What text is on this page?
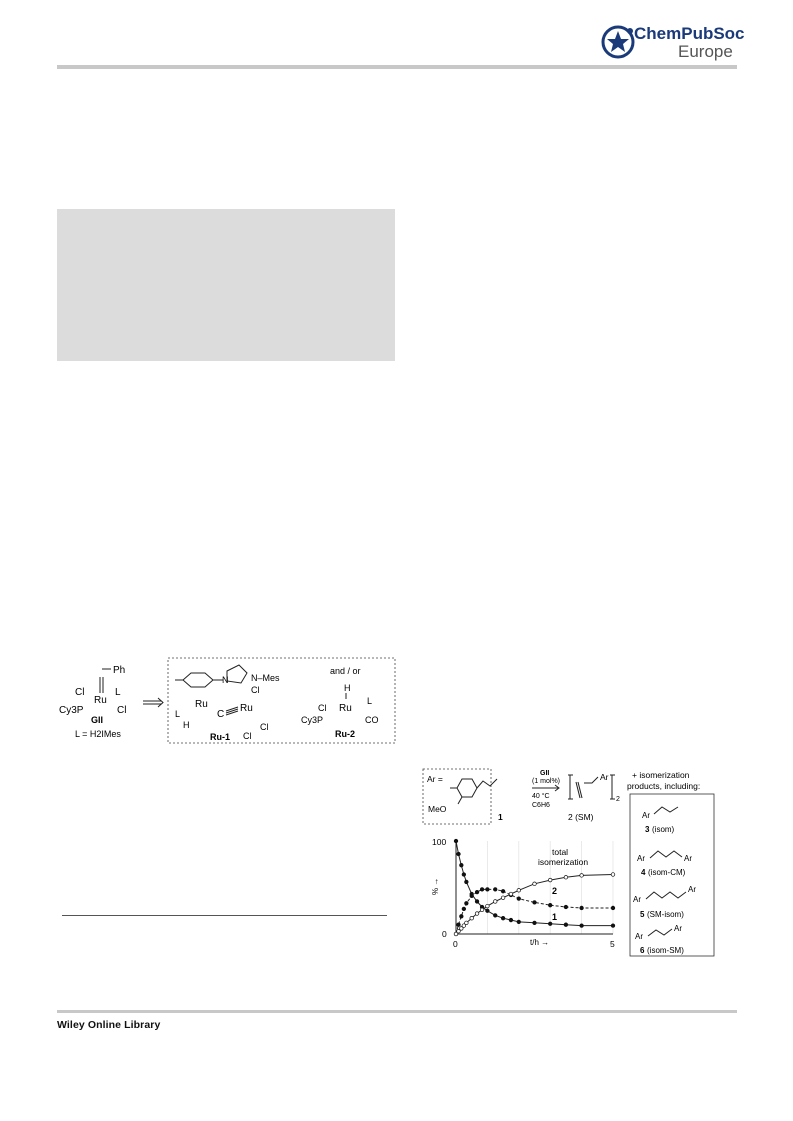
ChemPubSoc
Europe
Ph
Cl
Ru
L
Cy3P	Cl
GII
L = H2IMes
N	N–Mes
Cl
Ru
C
Ru
L
H	Cl
Cl
Ru-1
and / or
H
Cl Ru
L
Cy3P	CO
Ru-2
Ar =
MeO
1
GII
(1 mol%)
40 °C
C6H6
Ar
2
2 (SM)
+ isomerization
products, including:
Ar
3 (isom)
Ar	Ar
4 (isom-CM)
Ar
Ar
5 (SM-isom)
Ar
Ar
6 (isom-SM)
100
0
0	5
% →
t/h →
total
isomerization
2
1
Wiley Online Library
